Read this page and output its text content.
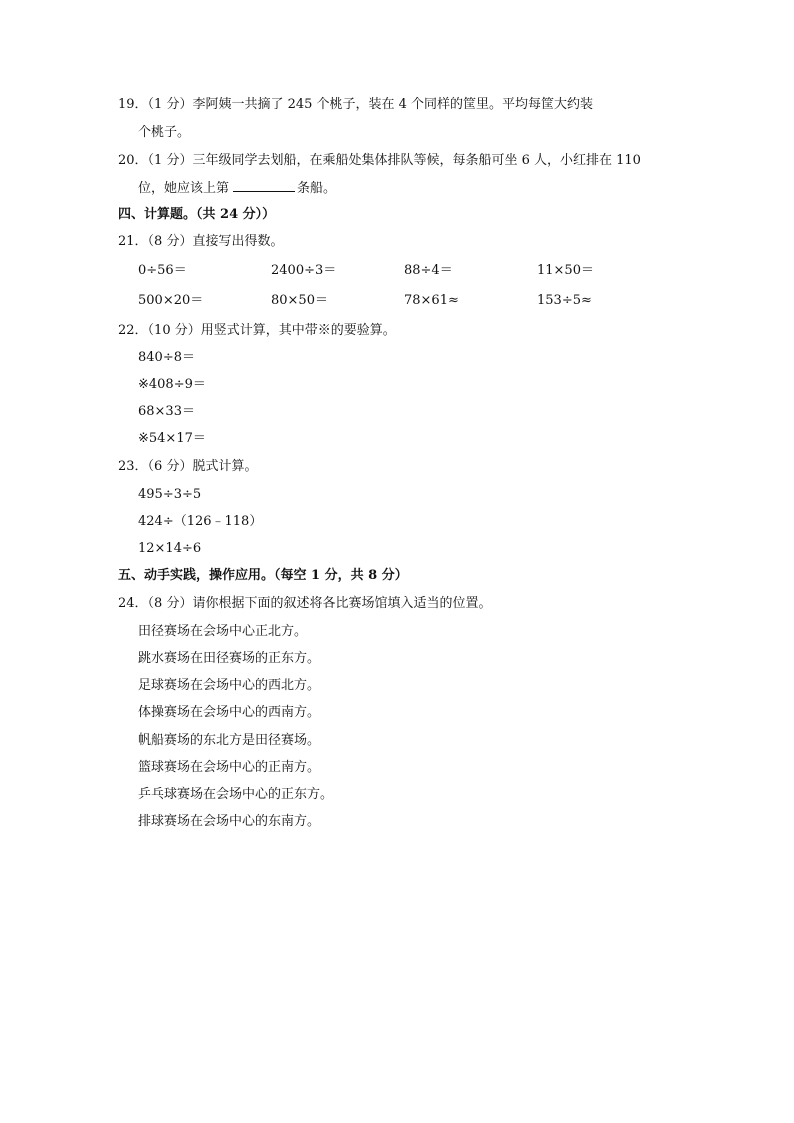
19．（1 分）李阿姨一共摘了 245 个桃子，装在 4 个同样的筐里。平均每筐大约装
个桃子。
20．（1 分）三年级同学去划船，在乘船处集体排队等候，每条船可坐 6 人，小红排在 110
位，她应该上第	条船。
四、计算题。（共 24 分））
21．（8 分）直接写出得数。
0÷56＝	2400÷3＝	88÷4＝	11×50＝
500×20＝	80×50＝	78×61≈	153÷5≈
22．（10 分）用竖式计算，其中带※的要验算。
840÷8＝
※408÷9＝
68×33＝
※54×17＝
23．（6 分）脱式计算。
495÷3÷5
424÷（126﹣118）
12×14÷6
五、动手实践，操作应用。（每空 1 分，共 8 分）
24．（8 分）请你根据下面的叙述将各比赛场馆填入适当的位置。
田径赛场在会场中心正北方。
跳水赛场在田径赛场的正东方。
足球赛场在会场中心的西北方。
体操赛场在会场中心的西南方。
帆船赛场的东北方是田径赛场。
篮球赛场在会场中心的正南方。
乒乓球赛场在会场中心的正东方。
排球赛场在会场中心的东南方。
